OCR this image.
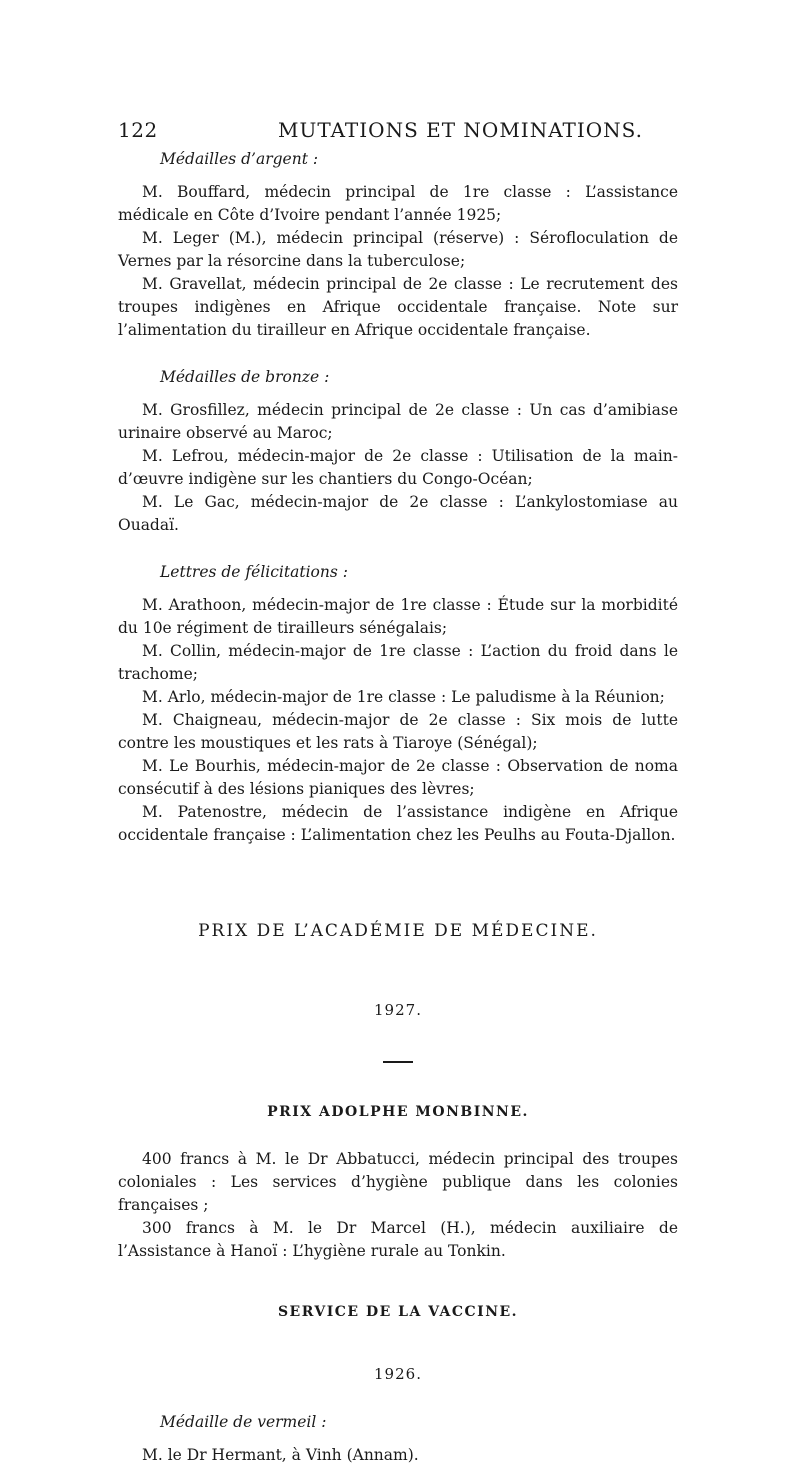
122	MUTATIONS ET NOMINATIONS.

Médailles d’argent :

M. Bouffard, médecin principal de 1re classe : L’assistance médicale en Côte d’Ivoire pendant l’année 1925;

M. Leger (M.), médecin principal (réserve) : Sérofloculation de Vernes par la résorcine dans la tuberculose;

M. Gravellat, médecin principal de 2e classe : Le recrutement des troupes indigènes en Afrique occidentale française. Note sur l’alimentation du tirailleur en Afrique occidentale française.

Médailles de bronze :

M. Grosfillez, médecin principal de 2e classe : Un cas d’amibiase urinaire observé au Maroc;

M. Lefrou, médecin-major de 2e classe : Utilisation de la main-d’œuvre indigène sur les chantiers du Congo-Océan;

M. Le Gac, médecin-major de 2e classe : L’ankylostomiase au Ouadaï.

Lettres de félicitations :

M. Arathoon, médecin-major de 1re classe : Étude sur la morbidité du 10e régiment de tirailleurs sénégalais;

M. Collin, médecin-major de 1re classe : L’action du froid dans le trachome;

M. Arlo, médecin-major de 1re classe : Le paludisme à la Réunion;

M. Chaigneau, médecin-major de 2e classe : Six mois de lutte contre les moustiques et les rats à Tiaroye (Sénégal);

M. Le Bourhis, médecin-major de 2e classe : Observation de noma consécutif à des lésions pianiques des lèvres;

M. Patenostre, médecin de l’assistance indigène en Afrique occidentale française : L’alimentation chez les Peulhs au Fouta-Djallon.

PRIX DE L’ACADÉMIE DE MÉDECINE.

1927.

PRIX ADOLPHE MONBINNE.

400 francs à M. le Dr Abbatucci, médecin principal des troupes coloniales : Les services d’hygiène publique dans les colonies françaises ;

300 francs à M. le Dr Marcel (H.), médecin auxiliaire de l’Assistance à Hanoï : L’hygiène rurale au Tonkin.

SERVICE DE LA VACCINE.

1926.

Médaille de vermeil :

M. le Dr Hermant, à Vinh (Annam).
